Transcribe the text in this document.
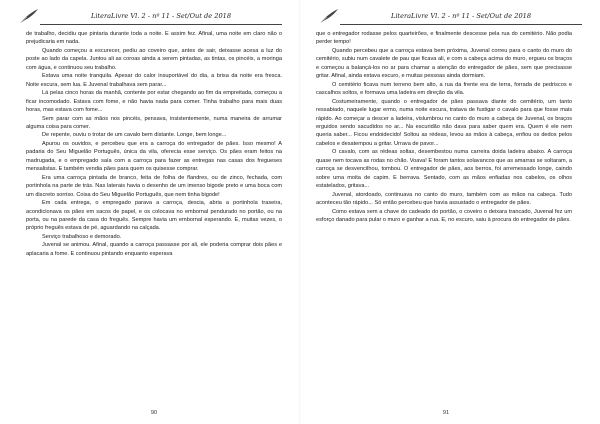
LiteraLivre Vl. 2 - nº 11 - Set/Out de 2018

de trabalho, decidiu que pintaria durante toda a noite. E assim fez. Afinal, uma noite em claro não o prejudicaria em nada.

Quando começou a escurecer, pediu ao coveiro que, antes de sair, deixasse acesa a luz do poste ao lado da capela. Juntou ali as coroas ainda a serem pintadas, as tintas, os pincéis, a moringa com água, e continuou seu trabalho.

Estava uma noite tranquila. Apesar do calor insuportável do dia, a brisa da noite era fresca. Noite escura, sem lua. E Juvenal trabalhava sem parar...

Lá pelas cinco horas da manhã, contente por estar chegando ao fim da empreitada, começou a ficar incomodado. Estava com fome, e não havia nada para comer. Tinha trabalho para mais duas horas, mas estava com fome...

Sem parar com as mãos nos pincéis, pensava, insistentemente, numa maneira de arrumar alguma coisa para comer.

De repente, ouviu o trotar de um cavalo bem distante. Longe, bem longe...

Apurou os ouvidos, e percebeu que era a carroça do entregador de pães. Isso mesmo! A padaria do Seu Miguelão Português, única da vila, oferecia esse serviço. Os pães eram feitos na madrugada, e o empregado saía com a carroça para fazer as entregas nas casas dos fregueses mensalistas. E também vendia pães para quem os quisesse comprar.

Era uma carroça pintada de branco, feita de folha de flandres, ou de zinco, fechada, com portinhola na parte de trás. Nas laterais havia o desenho de um imenso bigode preto e uma boca com um discreto sorriso. Coisa do Seu Miguelão Português, que nem tinha bigode!

Em cada entrega, o empregado parava a carroça, descia, abria a portinhola traseira, acondicionava os pães em sacos de papel, e os colocava no embornal pendurado no portão, ou na porta, ou na parede da casa do freguês. Sempre havia um embornal esperando. E, muitas vezes, o próprio freguês estava de pé, aguardando na calçada.

Serviço trabalhoso e demorado.

Juvenal se animou. Afinal, quando a carroça passasse por ali, ele poderia comprar dois pães e aplacaria a fome. E continuou pintando enquanto esperava

90
LiteraLivre Vl. 2 - nº 11 - Set/Out de 2018

que o entregador rodasse pelos quarteirões, e finalmente descesse pela rua do cemitério. Não podia perder tempo!

Quando percebeu que a carroça estava bem próxima, Juvenal correu para o canto do muro do cemitério, subiu num cavalete de pau que ficava ali, e com a cabeça acima do muro, ergueu os braços e começou a balançá-los no ar para chamar a atenção do entregador de pães, sem que precisasse gritar. Afinal, ainda estava escuro, e muitas pessoas ainda dormiam.

O cemitério ficava num terreno bem alto, a rua da frente era de terra, forrada de pedriscos e cascalhos soltos, e formava uma ladeira em direção da vila.

Costumeiramente, quando o entregador de pães passava diante do cemitério, um tanto ressabiado, naquele lugar ermo, numa noite escura, tratava de fustigar o cavalo para que fosse mais rápido. Ao começar a descer a ladeira, vislumbrou no canto do muro a cabeça de Juvenal, os braços erguidos sendo sacudidos no ar... Na escuridão não dava para saber quem era. Quem é ele nem queria saber... Ficou endoidecido! Soltou as rédeas, levou as mãos à cabeça, enfiou os dedos pelos cabelos e desatempou a gritar. Urrava de pavor...

O cavalo, com as rédeas soltas, desembestou numa carreira doida ladeira abaixo. A carroça quase nem tocava as rodas no chão. Voava! E foram tantos solavancos que as amarras se soltaram, a carroça se desvencilhou, tombou. O entregador de pães, aos berros, foi arremessado longe, caindo sobre uma moita de capim. E berrava. Sentado, com as mãos enfiadas nos cabelos, os olhos estatelados, gritava...

Juvenal, atordoado, continuava no canto do muro, também com as mãos na cabeça. Tudo aconteceu tão rápido... Só então percebeu que havia assustado o entregador de pães.

Como estava sem a chave do cadeado do portão, o coveiro o deixara trancado, Juvenal fez um esforço danado para pular o muro e ganhar a rua. E, no escuro, saiu à procura do entregador de pães.

91
